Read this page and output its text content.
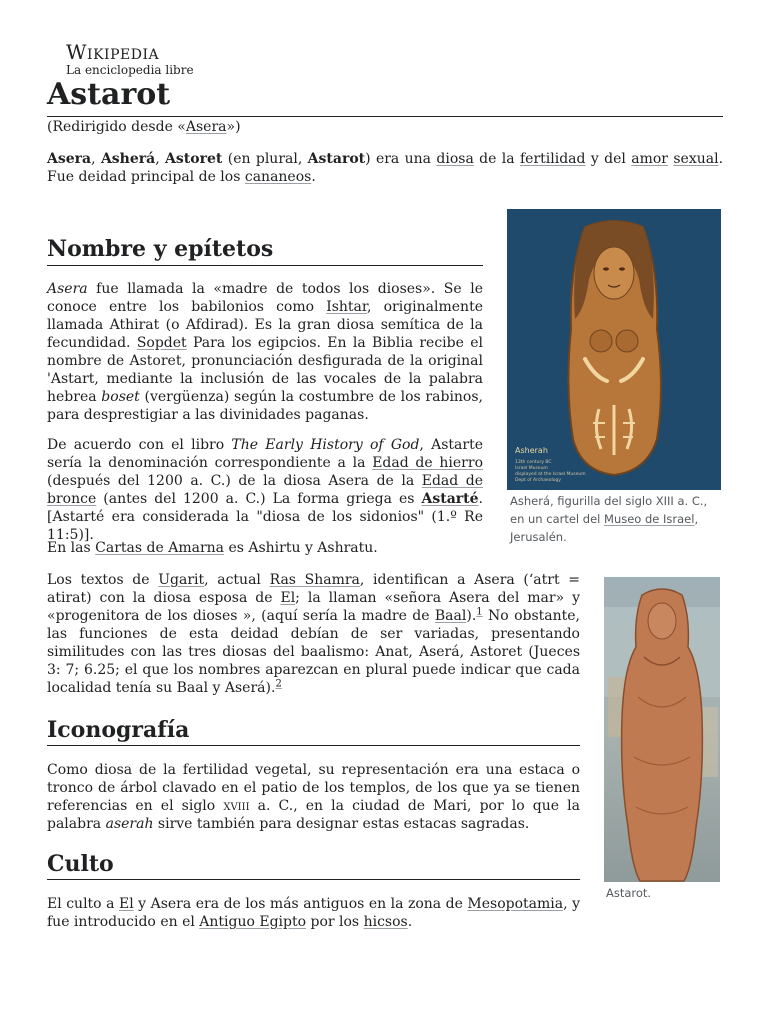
Wikipedia
La enciclopedia libre
Astarot
(Redirigido desde «Asera»)

Asera, Asherá, Astoret (en plural, Astarot) era una diosa de la fertilidad y del amor sexual. Fue deidad principal de los cananeos.

Nombre y epítetos

Asera fue llamada la «madre de todos los dioses». Se le conoce entre los babilonios como Ishtar, originalmente llamada Athirat (o Afdirad). Es la gran diosa semítica de la fecundidad. Sopdet Para los egipcios. En la Biblia recibe el nombre de Astoret, pronunciación desfigurada de la original 'Astart, mediante la inclusión de las vocales de la palabra hebrea boset (vergüenza) según la costumbre de los rabinos, para desprestigiar a las divinidades paganas.

De acuerdo con el libro The Early History of God, Astarte sería la denominación correspondiente a la Edad de hierro (después del 1200 a. C.) de la diosa Asera de la Edad de bronce (antes del 1200 a. C.) La forma griega es Astarté. [Astarté era considerada la "diosa de los sidonios" (1.º Re 11:5)].

En las Cartas de Amarna es Ashirtu y Ashratu.

Los textos de Ugarit, actual Ras Shamra, identifican a Asera (‘atrt = atirat) con la diosa esposa de El; la llaman «señora Asera del mar» y «progenitora de los dioses », (aquí sería la madre de Baal).$^1$ No obstante, las funciones de esta deidad debían de ser variadas, presentando similitudes con las tres diosas del baalismo: Anat, Aserá, Astoret (Jueces 3: 7; 6.25; el que los nombres aparezcan en plural puede indicar que cada localidad tenía su Baal y Aserá).$^2$

Iconografía

Como diosa de la fertilidad vegetal, su representación era una estaca o tronco de árbol clavado en el patio de los templos, de los que ya se tienen referencias en el siglo xviii a. C., en la ciudad de Mari, por lo que la palabra aserah sirve también para designar estas estacas sagradas.

Culto

El culto a El y Asera era de los más antiguos en la zona de Mesopotamia, y fue introducido en el Antiguo Egipto por los hicsos.

Asherah
13th century BC
Israel Museum
displayed at the Israel Museum
Dept of Archaeology
Asherá, figurilla del siglo XIII a. C., en un cartel del Museo de Israel, Jerusalén.
Astarot.
